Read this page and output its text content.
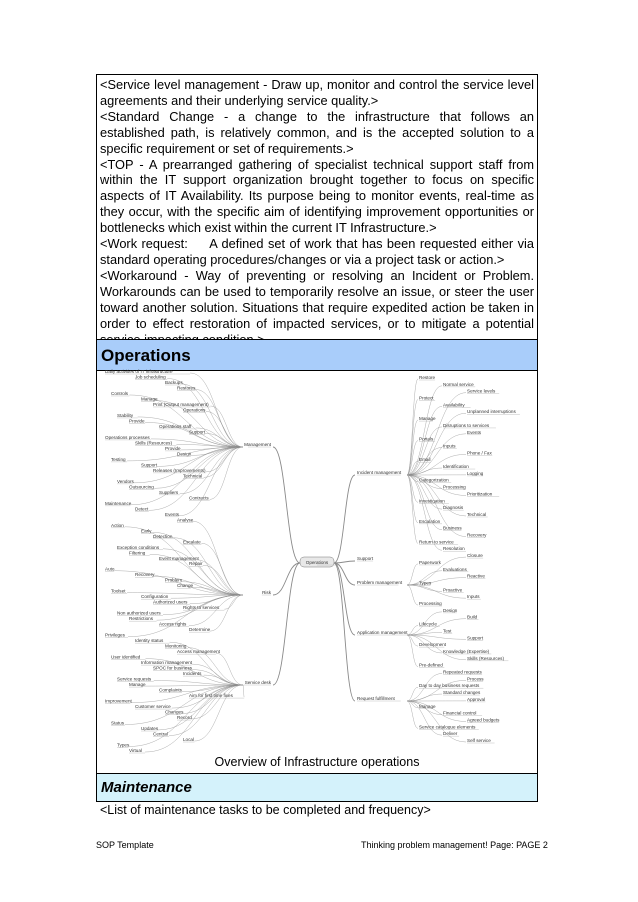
<Service level management - Draw up, monitor and control the service level agreements and their underlying service quality.>

<Standard Change - a change to the infrastructure that follows an established path, is relatively common, and is the accepted solution to a specific requirement or set of requirements.>

<TOP - A prearranged gathering of specialist technical support staff from within the IT support organization brought together to focus on specific aspects of IT Availability. Its purpose being to monitor events, real-time as they occur, with the specific aim of identifying improvement opportunities or bottlenecks which exist within the current IT Infrastructure.>

<Work request:     A defined set of work that has been requested either via standard operating procedures/changes or via a project task or action.>

<Workaround - Way of preventing or resolving an Incident or Problem. Workarounds can be used to temporarily resolve an issue, or steer the user toward another solution. Situations that require expedited action be taken in order to effect restoration of impacted services, or to mitigate a potential

Operations
Operations
Management
Risk
Service desk
Support
Incident management
Problem management
Application management
Request fulfillment
Daily activities of IT infrastructure
Job scheduling
Backups
Restores
Controls
Manage
Print (Output management)
Operations
Stability
Provide
Operations staff
Support
Operations processes
Skills (Resources)
Provide
Design
Testing
Support
Releases (Improvements)
Technical
Vendors
Outsourcing
Suppliers
Contracts
Maintenance
Detect
Events
Analyse
Action
Early
Detection
Escalate
Exception conditions
Filtering
Event management
Repair
Auto
Recovery
Problem
Change
Toolset
Configuration
Authorized users
Rights to services
Non authorized users
Restrictions
Access rights
Determine
Privileges
Identity status
Monitoring
Access management
User identified
Information management
SPOC for business
Incidents
Service requests
Manage
Complaints
Aim for first time fixes
Improvement
Customer service
Changes
Record
Status
Updates
Central
Local
Types
Virtual
Restore
Normal service
Service levels
Protect
Availability
Unplanned interruptions
Manage
Disruptions to services
Events
Portals
Inputs
Phone / Fax
Email
Identification
Logging
Categorization
Processing
Prioritization
Investigation
Diagnosis
Technical
Escalation
Business
Recovery
Return to service
Resolution
Closure
Paperwork
Evaluations
Reactive
Types
Proactive
Inputs
Processing
Design
Build
Lifecycle
Test
Support
Development
Knowledge (Expertise)
Skills (Resources)
Pre-defined
Repeated requests
Process
Day to day business requests
Standard changes
Approval
Manage
Financial control
Agreed budgets
Service catalogue elements
Deliver
Self service
Overview of Infrastructure operations
Maintenance
<List of maintenance tasks to be completed and frequency>
SOP Template	Thinking problem management! Page: PAGE 2
